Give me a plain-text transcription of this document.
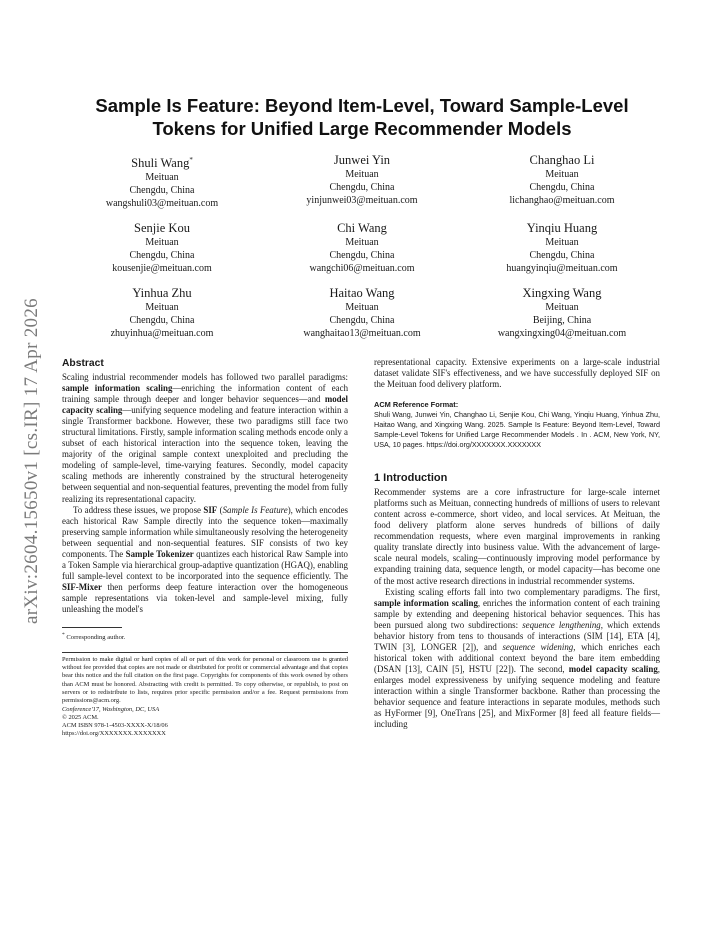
arXiv:2604.15650v1 [cs.IR] 17 Apr 2026
Sample Is Feature: Beyond Item-Level, Toward Sample-Level Tokens for Unified Large Recommender Models
Shuli Wang*
Meituan
Chengdu, China
wangshuli03@meituan.com
Junwei Yin
Meituan
Chengdu, China
yinjunwei03@meituan.com
Changhao Li
Meituan
Chengdu, China
lichanghao@meituan.com
Senjie Kou
Meituan
Chengdu, China
kousenjie@meituan.com
Chi Wang
Meituan
Chengdu, China
wangchi06@meituan.com
Yinqiu Huang
Meituan
Chengdu, China
huangyinqiu@meituan.com
Yinhua Zhu
Meituan
Chengdu, China
zhuyinhua@meituan.com
Haitao Wang
Meituan
Chengdu, China
wanghaitao13@meituan.com
Xingxing Wang
Meituan
Beijing, China
wangxingxing04@meituan.com
Abstract

Scaling industrial recommender models has followed two parallel paradigms: sample information scaling—enriching the information content of each training sample through deeper and longer behavior sequences—and model capacity scaling—unifying sequence modeling and feature interaction within a single Transformer backbone. However, these two paradigms still face two structural limitations. Firstly, sample information scaling methods encode only a subset of each historical interaction into the sequence token, leaving the majority of the original sample context unexploited and precluding the modeling of sample-level, time-varying features. Secondly, model capacity scaling methods are inherently constrained by the structural heterogeneity between sequential and non-sequential features, preventing the model from fully realizing its representational capacity.

To address these issues, we propose SIF (Sample Is Feature), which encodes each historical Raw Sample directly into the sequence token—maximally preserving sample information while simultaneously resolving the heterogeneity between sequential and non-sequential features. SIF consists of two key components. The Sample Tokenizer quantizes each historical Raw Sample into a Token Sample via hierarchical group-adaptive quantization (HGAQ), enabling full sample-level context to be incorporated into the sequence efficiently. The SIF-Mixer then performs deep feature interaction over the homogeneous sample representations via token-level and sample-level mixing, fully unleashing the model's

* Corresponding author.
Permission to make digital or hard copies of all or part of this work for personal or classroom use is granted without fee provided that copies are not made or distributed for profit or commercial advantage and that copies bear this notice and the full citation on the first page. Copyrights for components of this work owned by others than ACM must be honored. Abstracting with credit is permitted. To copy otherwise, or republish, to post on servers or to redistribute to lists, requires prior specific permission and/or a fee. Request permissions from permissions@acm.org.
Conference'17, Washington, DC, USA
© 2025 ACM.
ACM ISBN 978-1-4503-XXXX-X/18/06
https://doi.org/XXXXXXX.XXXXXXX

representational capacity. Extensive experiments on a large-scale industrial dataset validate SIF's effectiveness, and we have successfully deployed SIF on the Meituan food delivery platform.

ACM Reference Format:
Shuli Wang, Junwei Yin, Changhao Li, Senjie Kou, Chi Wang, Yinqiu Huang, Yinhua Zhu, Haitao Wang, and Xingxing Wang. 2025. Sample Is Feature: Beyond Item-Level, Toward Sample-Level Tokens for Unified Large Recommender Models . In . ACM, New York, NY, USA, 10 pages. https://doi.org/XXXXXXX.XXXXXXX
1 Introduction

Recommender systems are a core infrastructure for large-scale internet platforms such as Meituan, connecting hundreds of millions of users to relevant content across e-commerce, short video, and local services. At Meituan, the food delivery platform alone serves hundreds of billions of daily recommendation requests, where even marginal improvements in ranking quality translate directly into business value. With the advancement of large-scale neural models, scaling—continuously improving model performance by expanding training data, sequence length, or model capacity—has become one of the most active research directions in industrial recommender systems.

Existing scaling efforts fall into two complementary paradigms. The first, sample information scaling, enriches the information content of each training sample by extending and deepening historical behavior sequences. This has been pursued along two subdirections: sequence lengthening, which extends behavior history from tens to thousands of interactions (SIM [14], ETA [4], TWIN [3], LONGER [2]), and sequence widening, which enriches each historical token with additional context beyond the bare item embedding (DSAN [13], CAIN [5], HSTU [22]). The second, model capacity scaling, enlarges model expressiveness by unifying sequence modeling and feature interaction within a single Transformer backbone. Rather than processing the behavior sequence and feature interactions in separate modules, methods such as HyFormer [9], OneTrans [25], and MixFormer [8] feed all feature fields—including
